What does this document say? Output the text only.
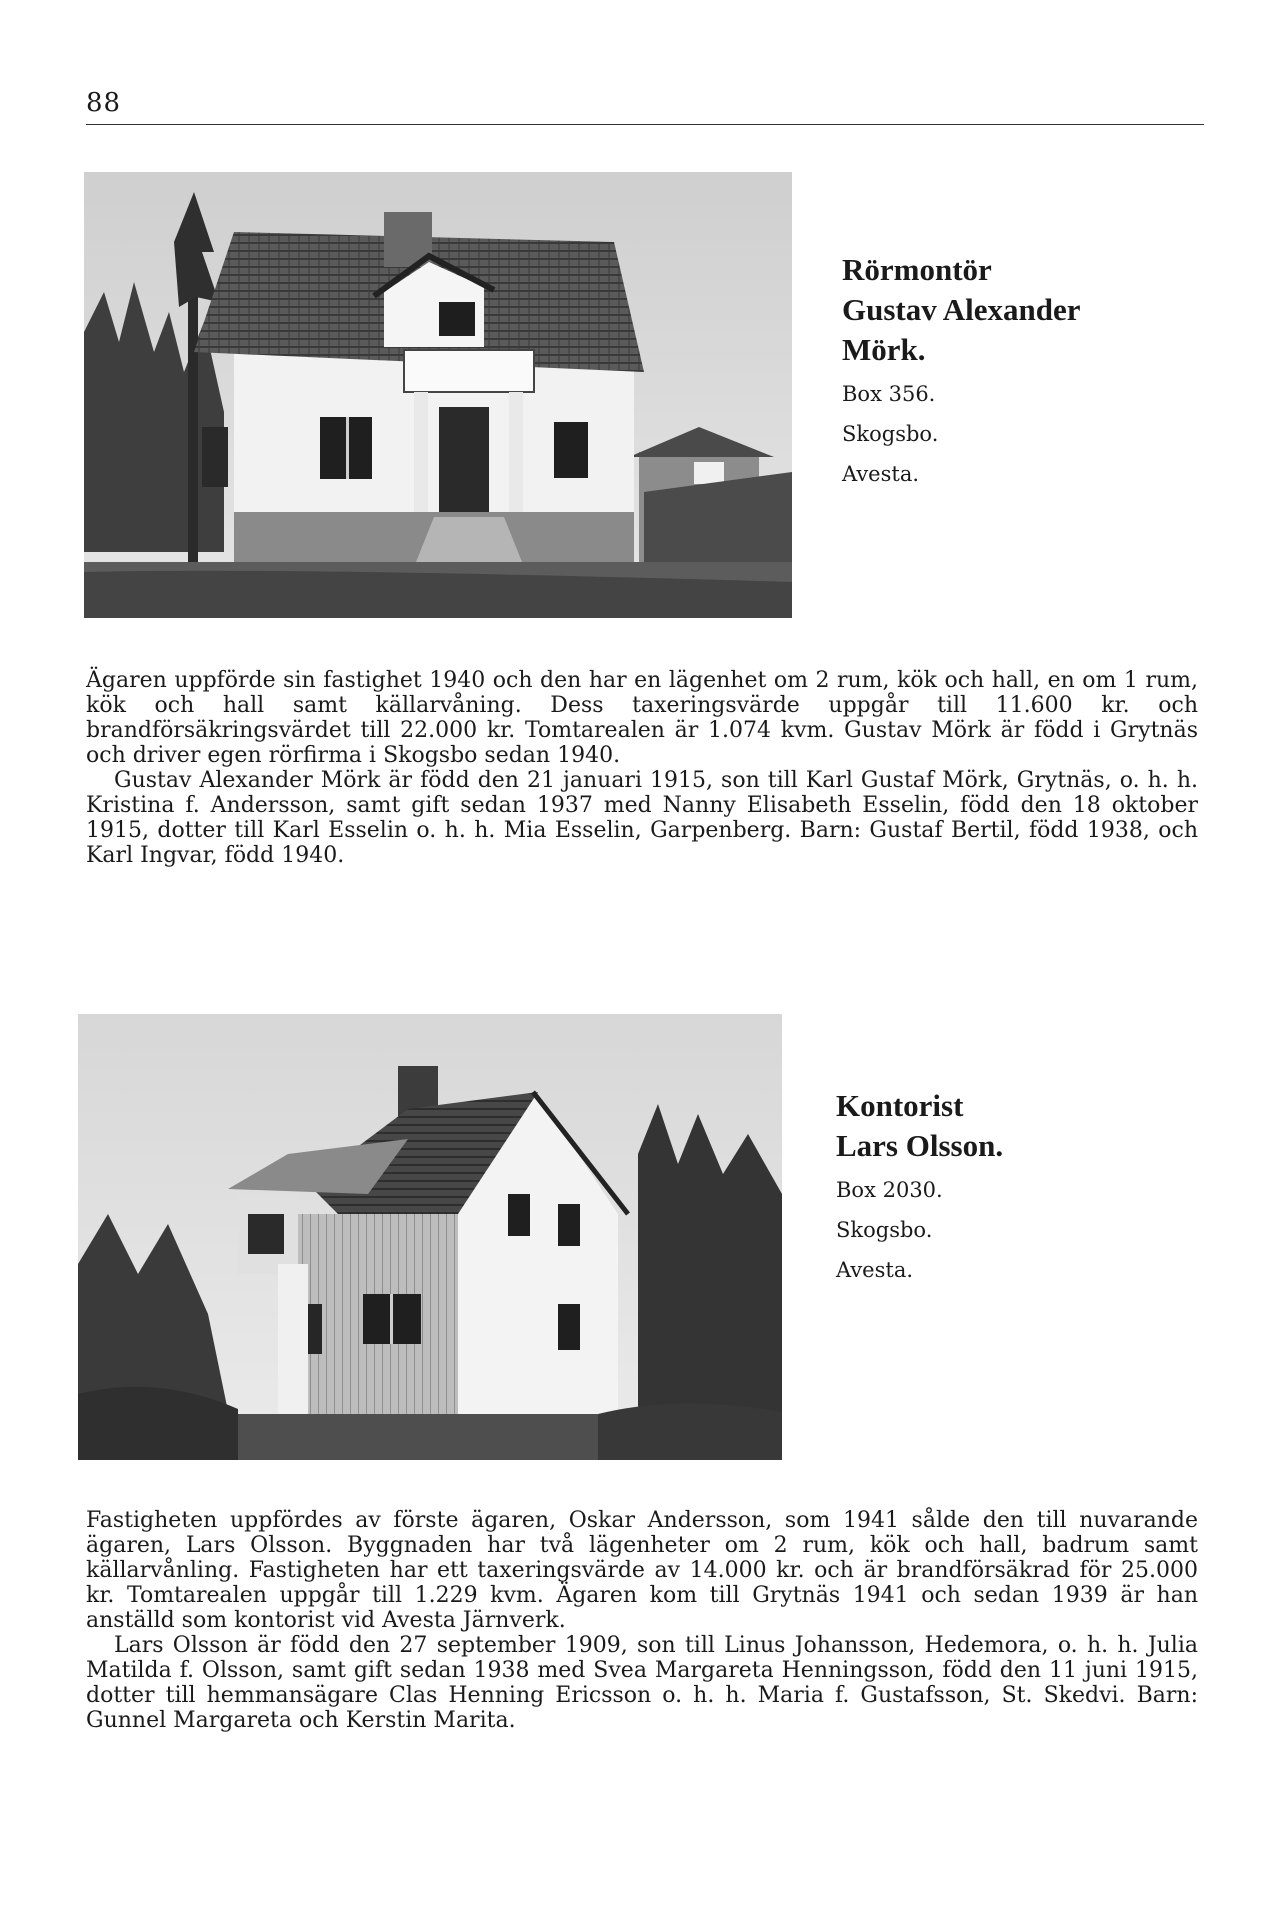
88

Rörmontör

Gustav Alexander

Mörk.

Box 356.

Skogsbo.

Avesta.

Ägaren uppförde sin fastighet 1940 och den har en lägenhet om 2 rum, kök och hall, en om 1 rum, kök och hall samt källarvåning. Dess taxeringsvärde uppgår till 11.600 kr. och brandförsäkringsvärdet till 22.000 kr. Tomtarealen är 1.074 kvm. Gustav Mörk är född i Grytnäs och driver egen rörfirma i Skogsbo sedan 1940.

Gustav Alexander Mörk är född den 21 januari 1915, son till Karl Gustaf Mörk, Grytnäs, o. h. h. Kristina f. Andersson, samt gift sedan 1937 med Nanny Elisabeth Esselin, född den 18 oktober 1915, dotter till Karl Esselin o. h. h. Mia Esselin, Garpenberg. Barn: Gustaf Bertil, född 1938, och Karl Ingvar, född 1940.

Kontorist

Lars Olsson.

Box 2030.

Skogsbo.

Avesta.

Fastigheten uppfördes av förste ägaren, Oskar Andersson, som 1941 sålde den till nuvarande ägaren, Lars Olsson. Byggnaden har två lägenheter om 2 rum, kök och hall, badrum samt källarvånling. Fastigheten har ett taxeringsvärde av 14.000 kr. och är brandförsäkrad för 25.000 kr. Tomtarealen uppgår till 1.229 kvm. Ägaren kom till Grytnäs 1941 och sedan 1939 är han anställd som kontorist vid Avesta Järnverk.

Lars Olsson är född den 27 september 1909, son till Linus Johansson, Hedemora, o. h. h. Julia Matilda f. Olsson, samt gift sedan 1938 med Svea Margareta Henningsson, född den 11 juni 1915, dotter till hemmansägare Clas Henning Ericsson o. h. h. Maria f. Gustafsson, St. Skedvi. Barn: Gunnel Margareta och Kerstin Marita.
